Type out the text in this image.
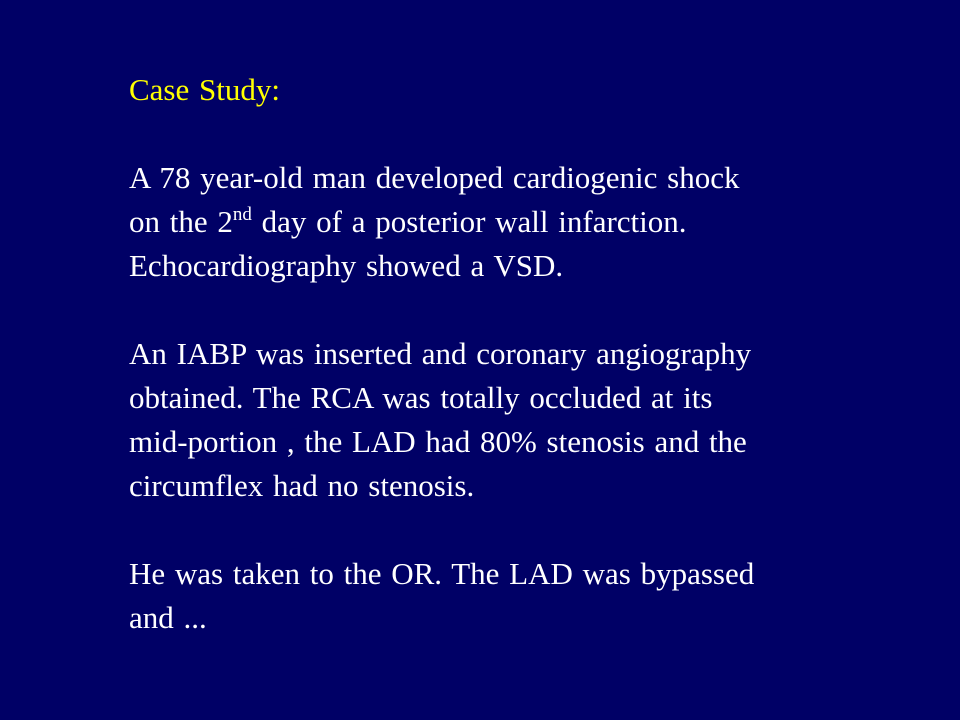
Case Study:
A 78 year-old man developed cardiogenic shock
on the 2nd day of a posterior wall infarction.
Echocardiography showed a VSD.
An IABP was inserted and coronary angiography
obtained. The RCA was totally occluded at its
mid-portion , the LAD had 80% stenosis and the
circumflex had no stenosis.
He was taken to the OR. The LAD was bypassed
and ...
